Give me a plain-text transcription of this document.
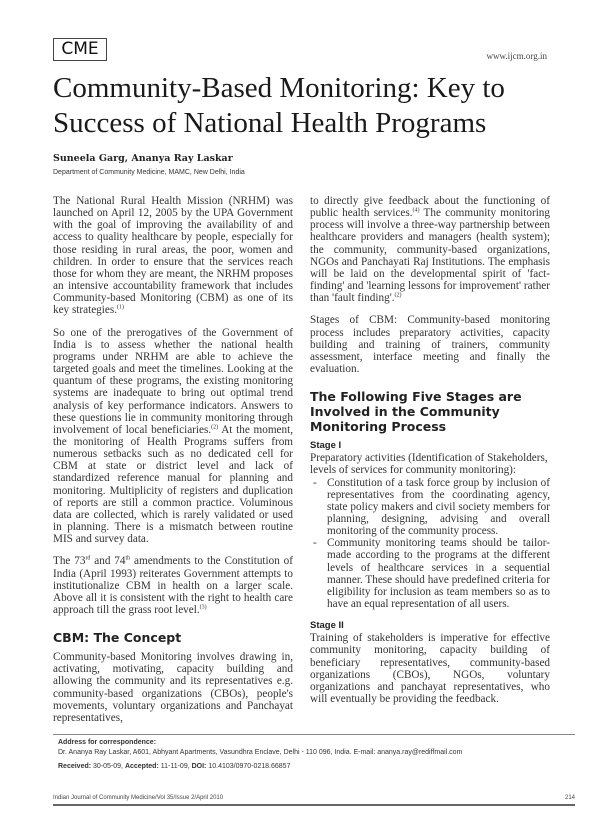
CME	www.ijcm.org.in
Community-Based Monitoring: Key to Success of National Health Programs
Suneela Garg, Ananya Ray Laskar
Department of Community Medicine, MAMC, New Delhi, India

The National Rural Health Mission (NRHM) was launched on April 12, 2005 by the UPA Government with the goal of improving the availability of and access to quality healthcare by people, especially for those residing in rural areas, the poor, women and children. In order to ensure that the services reach those for whom they are meant, the NRHM proposes an intensive accountability framework that includes Community-based Monitoring (CBM) as one of its key strategies.$^{(1)}$

So one of the prerogatives of the Government of India is to assess whether the national health programs under NRHM are able to achieve the targeted goals and meet the timelines. Looking at the quantum of these programs, the existing monitoring systems are inadequate to bring out optimal trend analysis of key performance indicators. Answers to these questions lie in community monitoring through involvement of local beneficiaries.$^{(2)}$ At the moment, the monitoring of Health Programs suffers from numerous setbacks such as no dedicated cell for CBM at state or district level and lack of standardized reference manual for planning and monitoring. Multiplicity of registers and duplication of reports are still a common practice. Voluminous data are collected, which is rarely validated or used in planning. There is a mismatch between routine MIS and survey data.

The 73rd and 74th amendments to the Constitution of India (April 1993) reiterates Government attempts to institutionalize CBM in health on a larger scale. Above all it is consistent with the right to health care approach till the grass root level.$^{(3)}$

CBM: The Concept

Community-based Monitoring involves drawing in, activating, motivating, capacity building and allowing the community and its representatives e.g. community-based organizations (CBOs), people's movements, voluntary organizations and Panchayat representatives,

to directly give feedback about the functioning of public health services.$^{(4)}$ The community monitoring process will involve a three-way partnership between healthcare providers and managers (health system); the community, community-based organizations, NGOs and Panchayati Raj Institutions. The emphasis will be laid on the developmental spirit of 'fact-finding' and 'learning lessons for improvement' rather than 'fault finding'.$^{(2)}$

Stages of CBM: Community-based monitoring process includes preparatory activities, capacity building and training of trainers, community assessment, interface meeting and finally the evaluation.

The Following Five Stages are Involved in the Community Monitoring Process
Stage I

Preparatory activities (Identification of Stakeholders, levels of services for community monitoring):

- Constitution of a task force group by inclusion of representatives from the coordinating agency, state policy makers and civil society members for planning, designing, advising and overall monitoring of the community process.
- Community monitoring teams should be tailor-made according to the programs at the different levels of healthcare services in a sequential manner. These should have predefined criteria for eligibility for inclusion as team members so as to have an equal representation of all users.
Stage II

Training of stakeholders is imperative for effective community monitoring, capacity building of beneficiary representatives, community-based organizations (CBOs), NGOs, voluntary organizations and panchayat representatives, who will eventually be providing the feedback.

Address for correspondence:
Dr. Ananya Ray Laskar, A601, Abhyant Apartments, Vasundhra Enclave, Delhi - 110 096, India. E-mail: ananya.ray@rediffmail.com
Received: 30-05-09, Accepted: 11-11-09, DOI: 10.4103/0970-0218.66857
Indian Journal of Community Medicine/Vol 35/Issue 2/April 2010	214
